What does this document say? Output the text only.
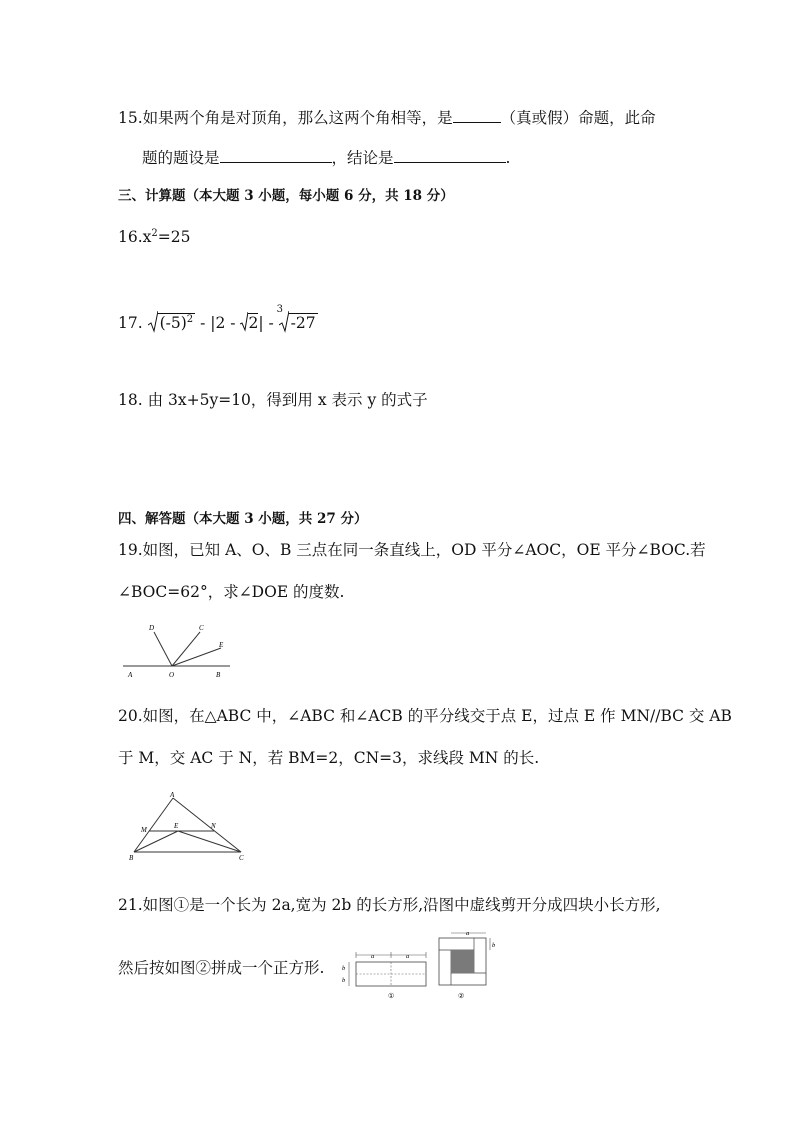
15.如果两个角是对顶角，那么这两个角相等，是	（真或假）命题，此命
题的题设是	，结论是	.
三、计算题（本大题 3 小题，每小题 6 分，共 18 分）
$16.x^2=25$
17. $(-5)^2 - |2 - 2|$ -
3
-27
18. 由 3x+5y=10，得到用 x 表示 y 的式子
四、解答题（本大题 3 小题，共 27 分）
19.如图，已知 A、O、B 三点在同一条直线上，OD 平分∠AOC，OE 平分∠BOC.若
∠BOC=62°，求∠DOE 的度数.
D	C
E
A	O	B
20.如图，在△ABC 中，∠ABC 和∠ACB 的平分线交于点 E，过点 E 作 MN//BC 交 AB
于 M，交 AC 于 N，若 BM=2，CN=3，求线段 MN 的长.
A
M	E	N
B	C
21.如图①是一个长为 2a,宽为 2b 的长方形,沿图中虚线剪开分成四块小长方形,
然后按如图②拼成一个正方形.
a	a
b
b
①
a
b
②
